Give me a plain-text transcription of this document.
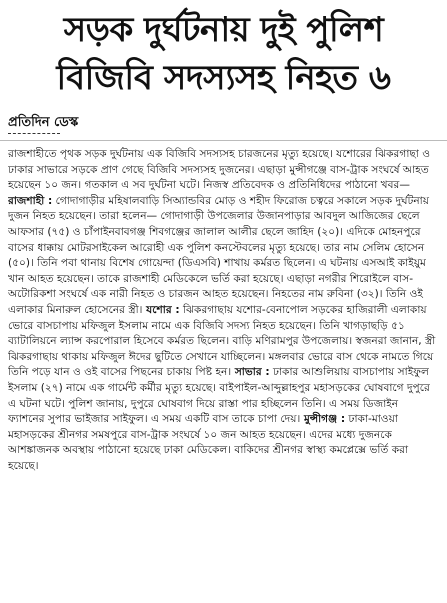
সড়ক দুর্ঘটনায় দুই পুলিশ
বিজিবি সদস্যসহ নিহত ৬
প্রতিদিন ডেস্ক

রাজশাহীতে পৃথক সড়ক দুর্ঘটনায় এক বিজিবি সদস্যসহ চারজনের মৃত্যু হয়েছে। যশোরের ঝিকরগাছা ও ঢাকার সাভারে সড়কে প্রাণ গেছে বিজিবি সদস্যসহ দুজনের। এছাড়া মুন্সীগঞ্জে বাস-ট্রাক সংঘর্ষে আহত হয়েছেন ১০ জন। গতকাল এ সব দুর্ঘটনা ঘটে। নিজস্ব প্রতিবেদক ও প্রতিনিধিদের পাঠানো খবর—রাজশাহী : গোদাগাড়ীর মহিষালবাড়ি সিঅ্যান্ডবির মোড় ও শহীদ ফিরোজ চত্বরে সকালে সড়ক দুর্ঘটনায় দুজন নিহত হয়েছেন। তারা হলেন— গোদাগাড়ী উপজেলার উজানপাড়ার আবদুল আজিজের ছেলে আফসার (৭৫) ও চাঁপাইনবাবগঞ্জ শিবগঞ্জের জালাল আলীর ছেলে জাহিদ (২০)। এদিকে মোহনপুরে বাসের ধাক্কায় মোটরসাইকেল আরোহী এক পুলিশ কনস্টেবলের মৃত্যু হয়েছে। তার নাম সেলিম হোসেন (৫০)। তিনি পবা থানায় বিশেষ গোয়েন্দা (ডিএসবি) শাখায় কর্মরত ছিলেন। এ ঘটনায় এসআই কাইয়ুম খান আহত হয়েছেন। তাকে রাজশাহী মেডিকেলে ভর্তি করা হয়েছে। এছাড়া নগরীর শিরোইলে বাস-অটোরিকশা সংঘর্ষে এক নারী নিহত ও চারজন আহত হয়েছেন। নিহতের নাম রুবিনা (৩২)। তিনি ওই এলাকার মিনারুল হোসেনের স্ত্রী। যশোর : ঝিকরগাছায় যশোর-বেনাপোল সড়কের হাজিরালী এলাকায় ভোরে বাসচাপায় মফিজুল ইসলাম নামে এক বিজিবি সদস্য নিহত হয়েছেন। তিনি খাগড়াছড়ি ৫১ ব্যাটালিয়নে ল্যান্স করপোরাল হিসেবে কর্মরত ছিলেন। বাড়ি মণিরামপুর উপজেলায়। স্বজনরা জানান, স্ত্রী ঝিকরগাছায় থাকায় মফিজুল ঈদের ছুটিতে সেখানে যাচ্ছিলেন। মঙ্গলবার ভোরে বাস থেকে নামতে গিয়ে তিনি পড়ে যান ও ওই বাসের পিছনের চাকায় পিষ্ট হন। সাভার : ঢাকার আশুলিয়ায় বাসচাপায় সাইফুল ইসলাম (২৭) নামে এক গার্মেন্ট কর্মীর মৃত্যু হয়েছে। বাইপাইল-আব্দুল্লাহপুর মহাসড়কের ঘোষবাগে দুপুরে এ ঘটনা ঘটে। পুলিশ জানায়, দুপুরে ঘোষবাগ দিয়ে রাস্তা পার হচ্ছিলেন তিনি। এ সময় ডিজাইন ফ্যাশনের সুপার ভাইজার সাইফুল। এ সময় একটি বাস তাকে চাপা দেয়। মুন্সীগঞ্জ : ঢাকা-মাওয়া মহাসড়কের শ্রীনগর সমষপুরে বাস-ট্রাক সংঘর্ষে ১০ জন আহত হয়েছেন। এদের মধ্যে দুজনকে আশঙ্কাজনক অবস্থায় পাঠানো হয়েছে ঢাকা মেডিকেল। বাকিদের শ্রীনগর স্বাস্থ্য কমপ্লেক্সে ভর্তি করা হয়েছে।
